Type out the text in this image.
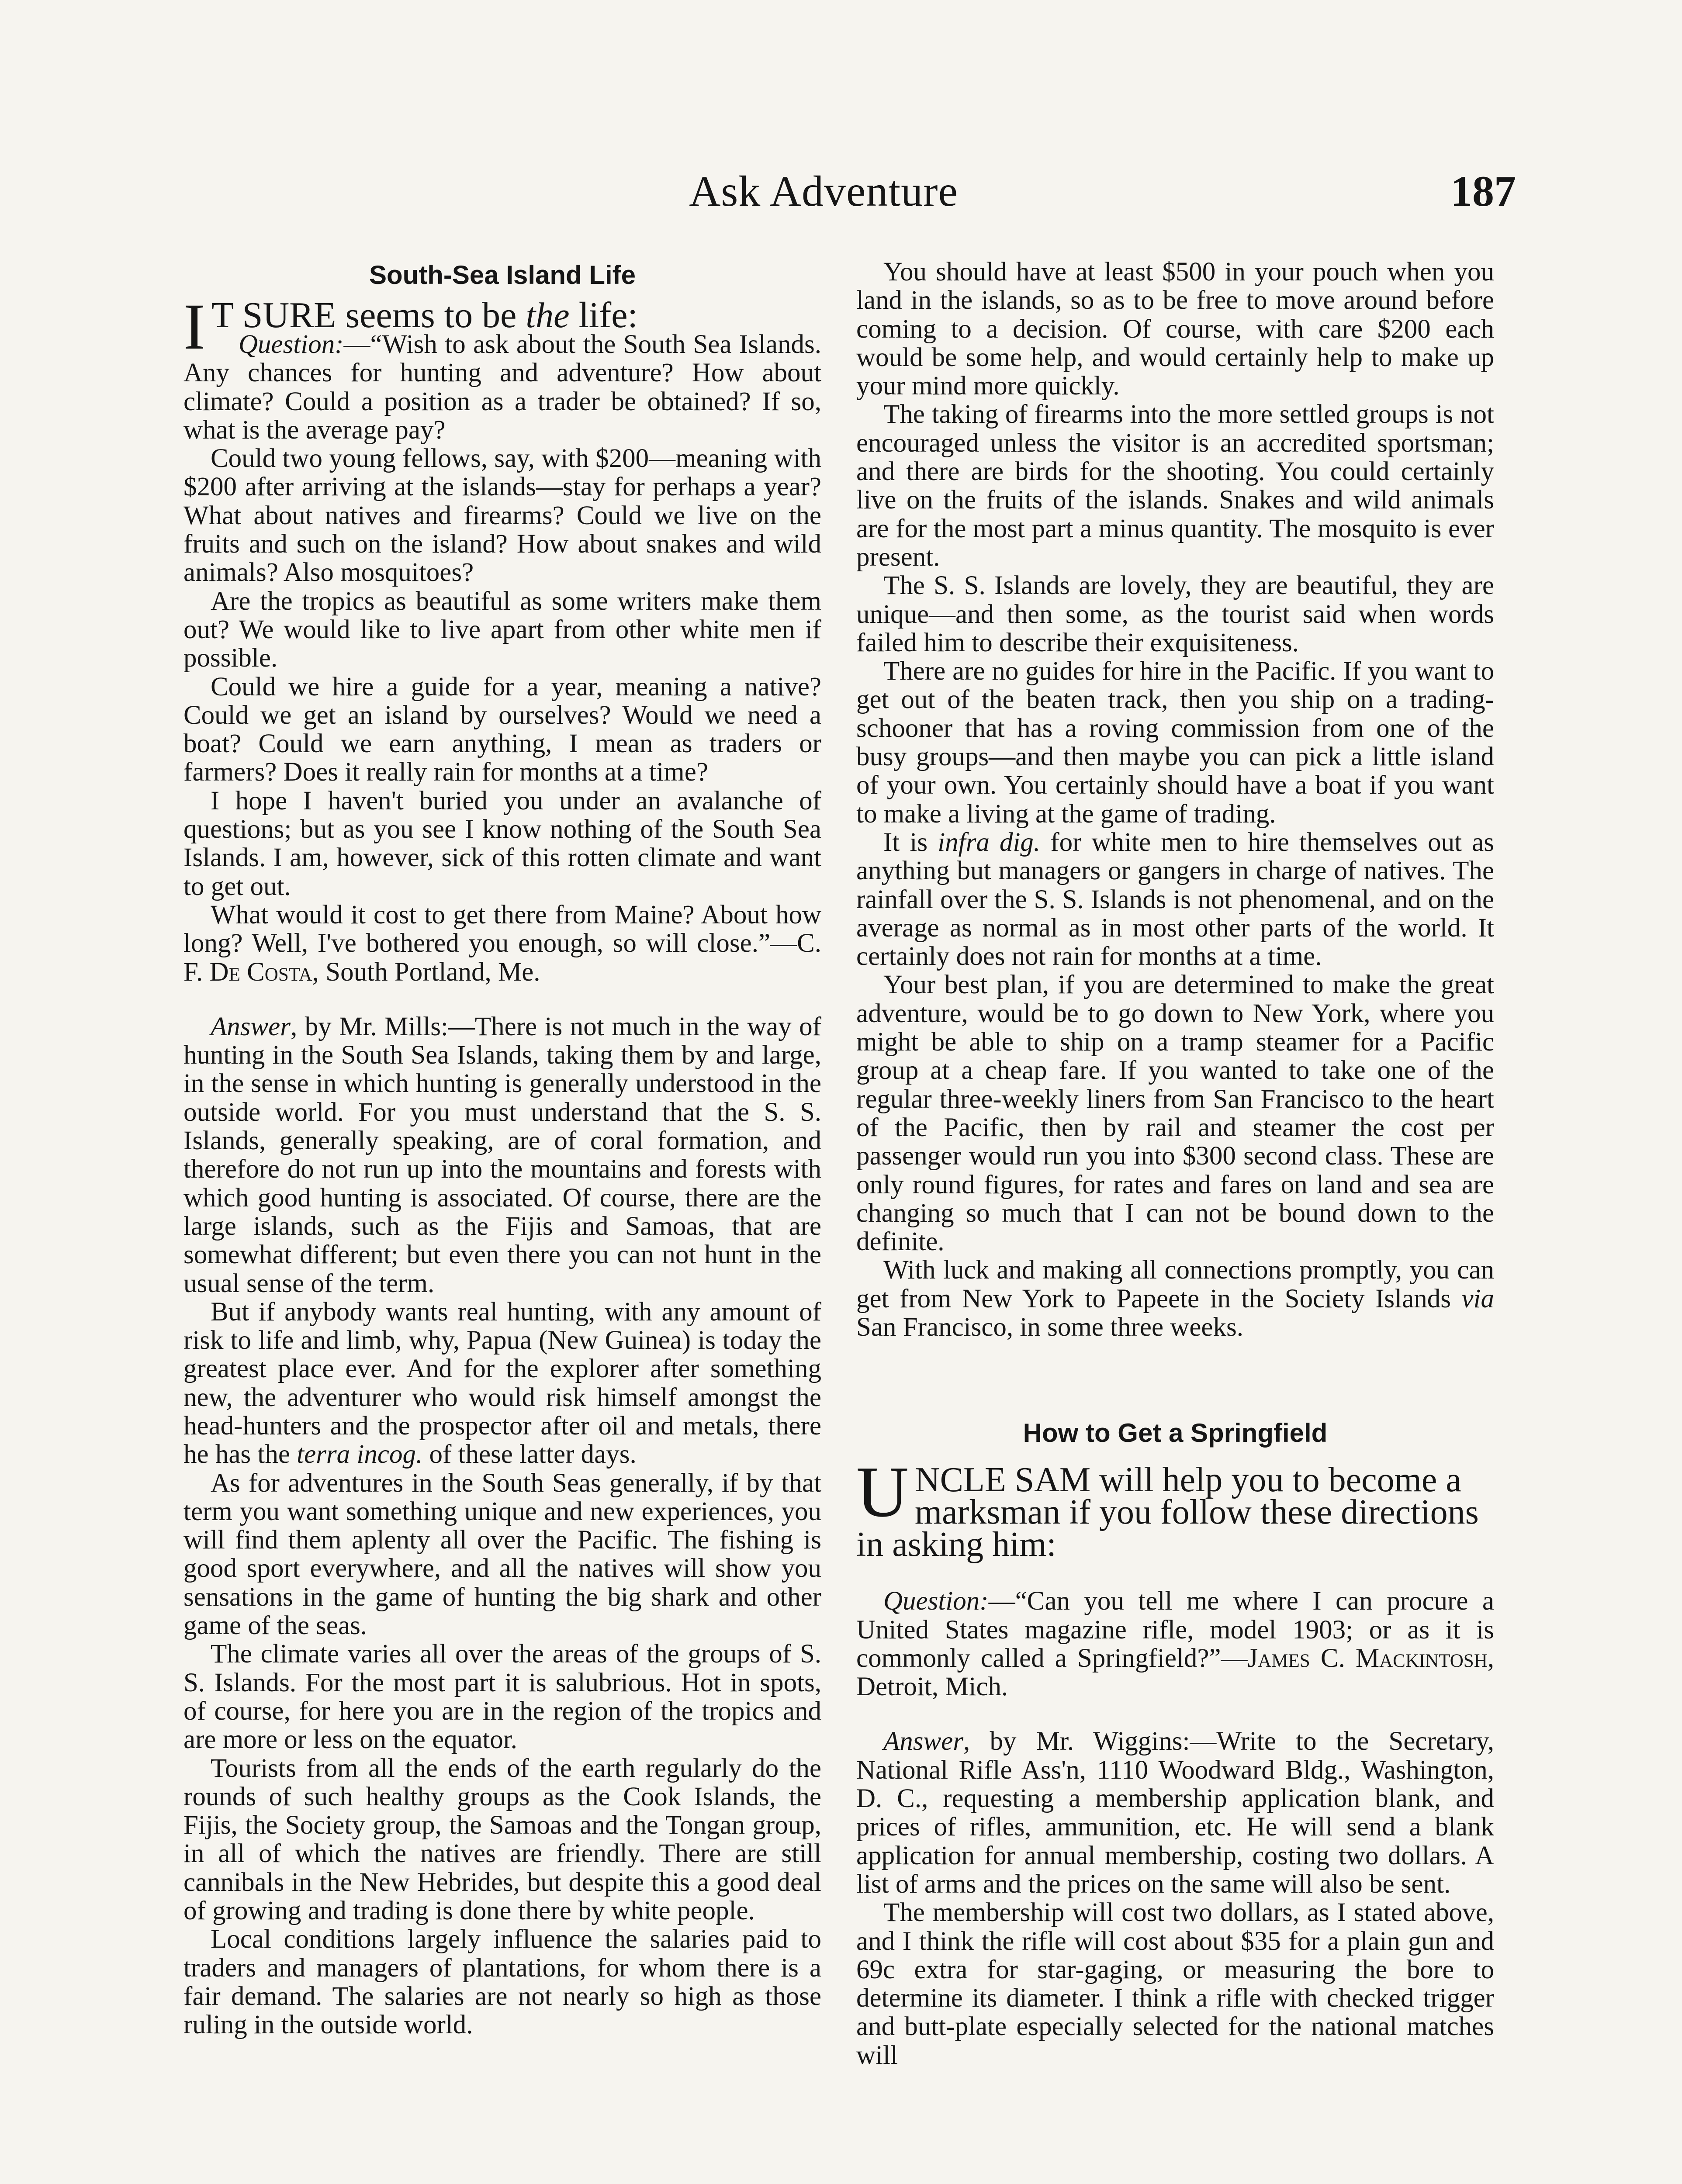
Ask Adventure	187
South-Sea Island Life

I T SURE seems to be the life:

Question:—“Wish to ask about the South Sea Islands. Any chances for hunting and adventure? How about climate? Could a position as a trader be obtained? If so, what is the average pay?

Could two young fellows, say, with $200—meaning with $200 after arriving at the islands—stay for perhaps a year? What about natives and firearms? Could we live on the fruits and such on the island? How about snakes and wild animals? Also mosquitoes?

Are the tropics as beautiful as some writers make them out? We would like to live apart from other white men if possible.

Could we hire a guide for a year, meaning a native? Could we get an island by ourselves? Would we need a boat? Could we earn anything, I mean as traders or farmers? Does it really rain for months at a time?

I hope I haven't buried you under an avalanche of questions; but as you see I know nothing of the South Sea Islands. I am, however, sick of this rotten climate and want to get out.

What would it cost to get there from Maine? About how long? Well, I've bothered you enough, so will close.”—C. F. De Costa, South Portland, Me.

Answer, by Mr. Mills:—There is not much in the way of hunting in the South Sea Islands, taking them by and large, in the sense in which hunting is generally understood in the outside world. For you must understand that the S. S. Islands, generally speaking, are of coral formation, and therefore do not run up into the mountains and forests with which good hunting is associated. Of course, there are the large islands, such as the Fijis and Samoas, that are somewhat different; but even there you can not hunt in the usual sense of the term.

But if anybody wants real hunting, with any amount of risk to life and limb, why, Papua (New Guinea) is today the greatest place ever. And for the explorer after something new, the adventurer who would risk himself amongst the head-hunters and the prospector after oil and metals, there he has the terra incog. of these latter days.

As for adventures in the South Seas generally, if by that term you want something unique and new experiences, you will find them aplenty all over the Pacific. The fishing is good sport everywhere, and all the natives will show you sensations in the game of hunting the big shark and other game of the seas.

The climate varies all over the areas of the groups of S. S. Islands. For the most part it is salubrious. Hot in spots, of course, for here you are in the region of the tropics and are more or less on the equator.

Tourists from all the ends of the earth regularly do the rounds of such healthy groups as the Cook Islands, the Fijis, the Society group, the Samoas and the Tongan group, in all of which the natives are friendly. There are still cannibals in the New Hebrides, but despite this a good deal of growing and trading is done there by white people.

Local conditions largely influence the salaries paid to traders and managers of plantations, for whom there is a fair demand. The salaries are not nearly so high as those ruling in the outside world.

You should have at least $500 in your pouch when you land in the islands, so as to be free to move around before coming to a decision. Of course, with care $200 each would be some help, and would certainly help to make up your mind more quickly.

The taking of firearms into the more settled groups is not encouraged unless the visitor is an accredited sportsman; and there are birds for the shooting. You could certainly live on the fruits of the islands. Snakes and wild animals are for the most part a minus quantity. The mosquito is ever present.

The S. S. Islands are lovely, they are beautiful, they are unique—and then some, as the tourist said when words failed him to describe their exquisiteness.

There are no guides for hire in the Pacific. If you want to get out of the beaten track, then you ship on a trading-schooner that has a roving commission from one of the busy groups—and then maybe you can pick a little island of your own. You certainly should have a boat if you want to make a living at the game of trading.

It is infra dig. for white men to hire themselves out as anything but managers or gangers in charge of natives. The rainfall over the S. S. Islands is not phenomenal, and on the average as normal as in most other parts of the world. It certainly does not rain for months at a time.

Your best plan, if you are determined to make the great adventure, would be to go down to New York, where you might be able to ship on a tramp steamer for a Pacific group at a cheap fare. If you wanted to take one of the regular three-weekly liners from San Francisco to the heart of the Pacific, then by rail and steamer the cost per passenger would run you into $300 second class. These are only round figures, for rates and fares on land and sea are changing so much that I can not be bound down to the definite.

With luck and making all connections promptly, you can get from New York to Papeete in the Society Islands via San Francisco, in some three weeks.

How to Get a Springfield

UNCLE SAM will help you to become a marksman if you follow these directions in asking him:

Question:—“Can you tell me where I can procure a United States magazine rifle, model 1903; or as it is commonly called a Springfield?”—James C. Mackintosh, Detroit, Mich.

Answer, by Mr. Wiggins:—Write to the Secretary, National Rifle Ass'n, 1110 Woodward Bldg., Washington, D. C., requesting a membership application blank, and prices of rifles, ammunition, etc. He will send a blank application for annual membership, costing two dollars. A list of arms and the prices on the same will also be sent.

The membership will cost two dollars, as I stated above, and I think the rifle will cost about $35 for a plain gun and 69c extra for star-gaging, or measuring the bore to determine its diameter. I think a rifle with checked trigger and butt-plate especially selected for the national matches will
